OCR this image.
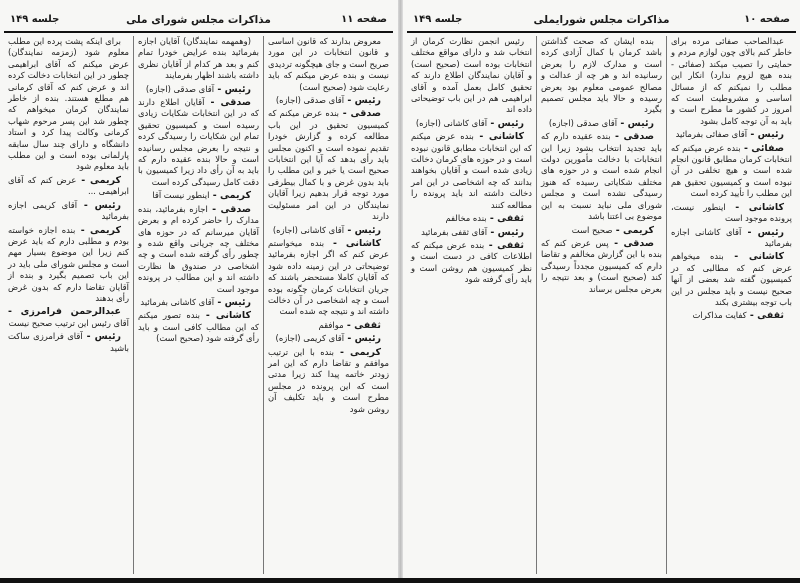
صفحه ۱۱
مذاکرات مجلس شورای ملی
جلسه ۱۴۹

معروض بدارند که قانون اساسی و قانون انتخابات در این مورد صریح است و جای هیچگونه تردیدی نیست و بنده عرض میکنم که باید رعایت شود (صحیح است)

رئیس - آقای صدقی (اجازه)

صدقی - بنده عرض میکنم که کمیسیون تحقیق در این باب مطالعه کرده و گزارش خودرا تقدیم نموده است و اکنون مجلس باید رأی بدهد که آیا این انتخابات صحیح است یا خیر و این مطلب را باید بدون غرض و با کمال بیطرفی مورد توجه قرار بدهیم زیرا آقایان نمایندگان در این امر مسئولیت دارند

رئیس - آقای کاشانی (اجازه)

کاشانی - بنده میخواستم عرض کنم که اگر اجازه بفرمائید توضیحاتی در این زمینه داده شود که آقایان کاملا مستحضر باشند که جریان انتخابات کرمان چگونه بوده است و چه اشخاصی در آن دخالت داشته اند و نتیجه چه شده است

ثقفی - موافقم

رئیس - آقای کریمی (اجازه)

کریمی - بنده با این ترتیب موافقم و تقاضا دارم که این امر زودتر خاتمه پیدا کند زیرا مدتی است که این پرونده در مجلس مطرح است و باید تکلیف آن روشن شود

(وهمهمه نمایندگان) آقایان اجازه بفرمائید بنده عرایض خودرا تمام کنم و بعد هر کدام از آقایان نظری داشته باشند اظهار بفرمایند

رئیس - آقای صدقی (اجازه)

صدقی - آقایان اطلاع دارند که در این انتخابات شکایات زیادی رسیده است و کمیسیون تحقیق تمام این شکایات را رسیدگی کرده و نتیجه را بعرض مجلس رسانیده است و حالا بنده عقیده دارم که باید به آن رأی داد زیرا کمیسیون با دقت کامل رسیدگی کرده است

کریمی - اینطور نیست آقا

صدقی - اجازه بفرمائید، بنده مدارک را حاضر کرده ام و بعرض آقایان میرسانم که در حوزه های مختلف چه جریانی واقع شده و چطور رأی گرفته شده است و چه اشخاصی در صندوق ها نظارت داشته اند و این مطالب در پرونده موجود است

رئیس - آقای کاشانی بفرمائید

کاشانی - بنده تصور میکنم که این مطالب کافی است و باید رأی گرفته شود (صحیح است)

برای اینکه پشت پرده این مطلب معلوم شود (زمزمه نمایندگان) عرض میکنم که آقای ابراهیمی چطور در این انتخابات دخالت کرده اند و عرض کنم که آقای کرمانی هم مطلع هستند. بنده از خاطر نمایندگان کرمان میخواهم که چطور شد این پسر مرحوم شهاب کرمانی وکالت پیدا کرد و استاد دانشگاه و دارای چند سال سابقه پارلمانی بوده است و این مطلب باید معلوم شود

کریمی - عرض کنم که آقای ابراهیمی ...

رئیس - آقای کریمی اجازه بفرمائید

کریمی - بنده اجازه خواسته بودم و مطلبی دارم که باید عرض کنم زیرا این موضوع بسیار مهم است و مجلس شورای ملی باید در این باب تصمیم بگیرد و بنده از آقایان تقاضا دارم که بدون غرض رأی بدهند

عبدالرحمن فرامرزی - آقای رئیس این ترتیب صحیح نیست

رئیس - آقای فرامرزی ساکت باشید

صفحه ۱۰
مذاکرات مجلس شورایملی
جلسه ۱۴۹

عبدالصاحب صفائی مرده برای خاطر کنم بالای چون لوازم مردم و حمایتی را تصیب میکند (صفائی - بنده هیچ لزوم ندارد) انکار این مطلب را نمیکنم که از مسائل اساسی و مشروطیت است که امروز در کشور ما مطرح است و باید به آن توجه کامل بشود

رئیس - آقای صفائی بفرمائید

صفائی - بنده عرض میکنم که انتخابات کرمان مطابق قانون انجام شده است و هیچ تخلفی در آن نبوده است و کمیسیون تحقیق هم این مطلب را تأیید کرده است

کاشانی - اینطور نیست، پرونده موجود است

رئیس - آقای کاشانی اجازه بفرمائید

کاشانی - بنده میخواهم عرض کنم که مطالبی که در کمیسیون گفته شد بعضی از آنها صحیح نیست و باید مجلس در این باب توجه بیشتری بکند

ثقفی - کفایت مذاکرات

بنده ایشان که صحت گذاشتن باشد کرمان با کمال آزادی کرده است و مدارک لازم را بعرض رسانیده اند و هر چه از عدالت و مصالح عمومی معلوم بود بعرض رسیده و حالا باید مجلس تصمیم بگیرد

رئیس - آقای صدقی (اجازه)

صدقی - بنده عقیده دارم که باید تجدید انتخاب بشود زیرا این انتخابات با دخالت مأمورین دولت انجام شده است و در حوزه های مختلف شکایاتی رسیده که هنوز رسیدگی نشده است و مجلس شورای ملی نباید نسبت به این موضوع بی اعتنا باشد

کریمی - صحیح است

صدقی - پس عرض کنم که بنده با این گزارش مخالفم و تقاضا دارم که کمیسیون مجدداً رسیدگی کند (صحیح است) و بعد نتیجه را بعرض مجلس برساند

رئیس انجمن نظارت کرمان از انتخاب شد و دارای مواقع مختلف انتخابات بوده است (صحیح است) و آقایان نمایندگان اطلاع دارند که تحقیق کامل بعمل آمده و آقای ابراهیمی هم در این باب توضیحاتی داده اند

رئیس - آقای کاشانی (اجازه)

کاشانی - بنده عرض میکنم که این انتخابات مطابق قانون نبوده است و در حوزه های کرمان دخالت زیادی شده است و آقایان بخواهند بدانند که چه اشخاصی در این امر دخالت داشته اند باید پرونده را مطالعه کنند

ثقفی - بنده مخالفم

رئیس - آقای ثقفی بفرمائید

ثقفی - بنده عرض میکنم که اطلاعات کافی در دست است و نظر کمیسیون هم روشن است و باید رأی گرفته شود
